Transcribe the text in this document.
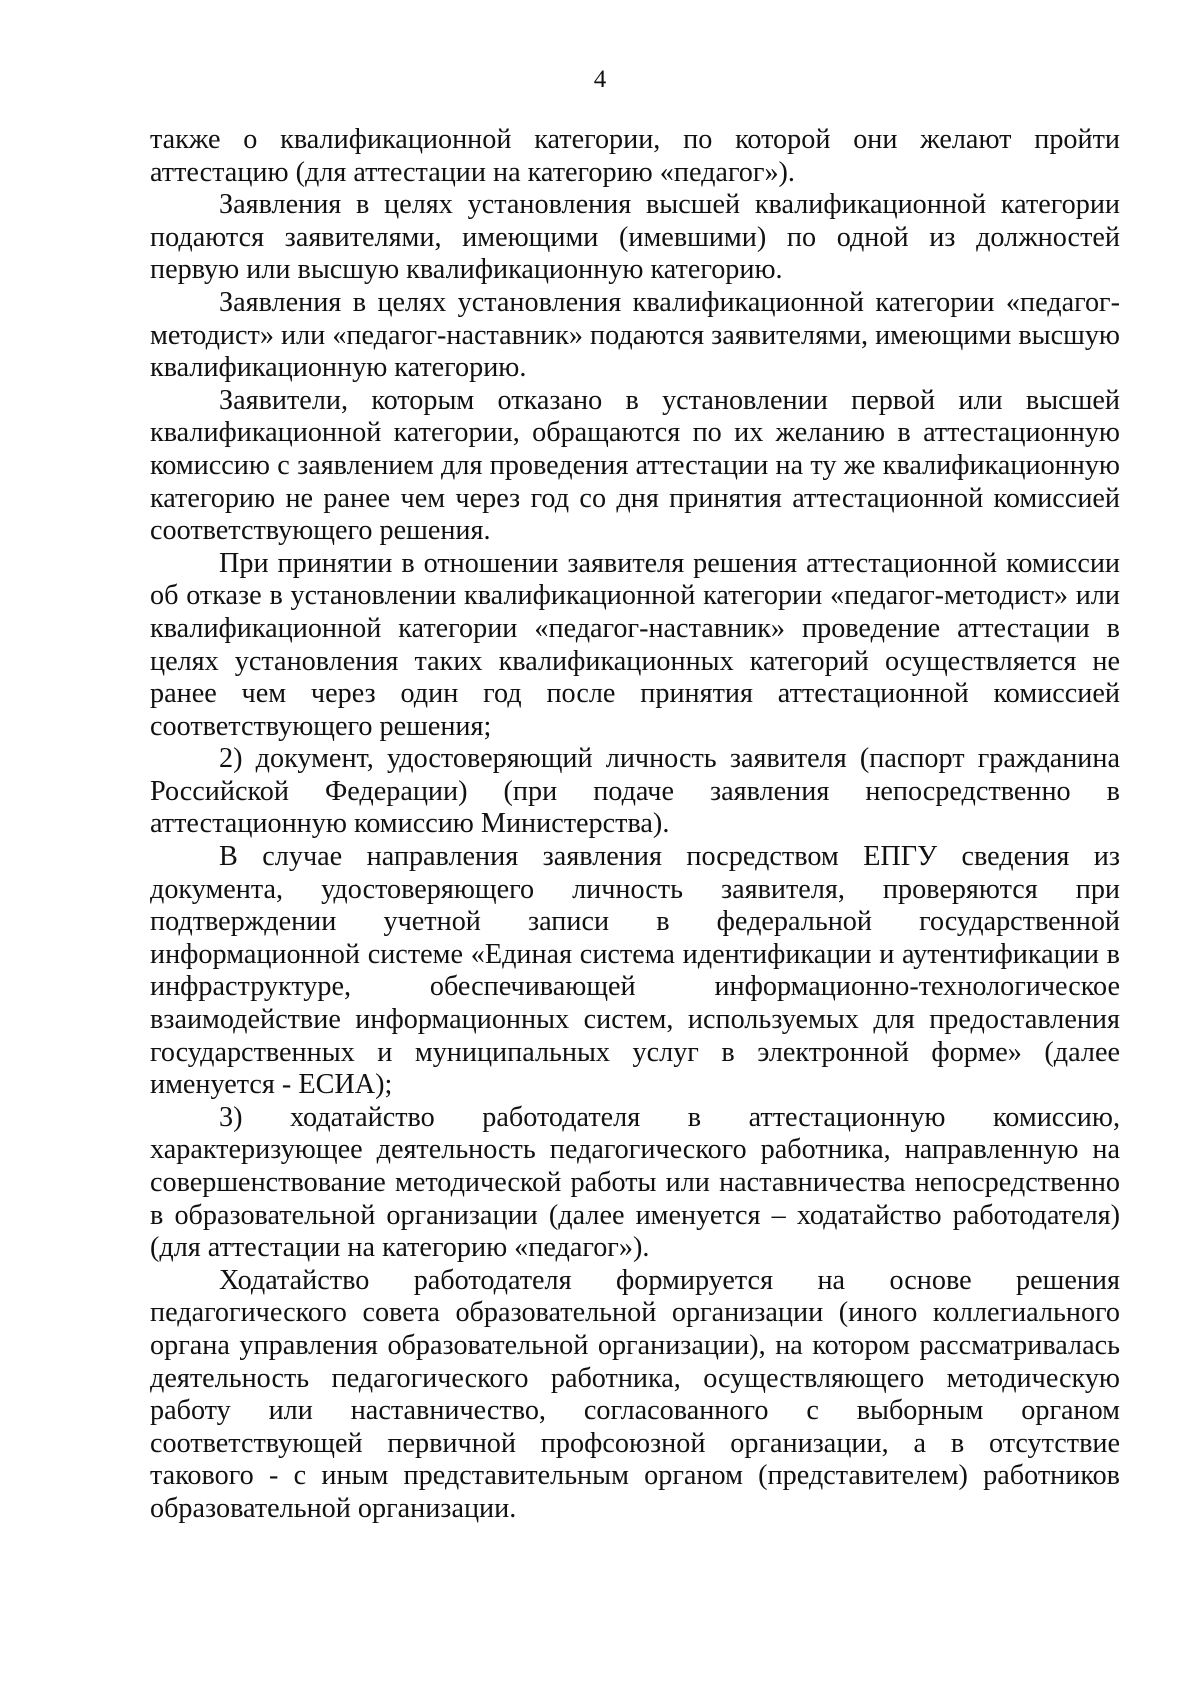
4

также о квалификационной категории, по которой они желают пройти аттестацию (для аттестации на категорию «педагог»).

Заявления в целях установления высшей квалификационной категории подаются заявителями, имеющими (имевшими) по одной из должностей первую или высшую квалификационную категорию.

Заявления в целях установления квалификационной категории «педагог-методист» или «педагог-наставник» подаются заявителями, имеющими высшую квалификационную категорию.

Заявители, которым отказано в установлении первой или высшей квалификационной категории, обращаются по их желанию в аттестационную комиссию с заявлением для проведения аттестации на ту же квалификационную категорию не ранее чем через год со дня принятия аттестационной комиссией соответствующего решения.

При принятии в отношении заявителя решения аттестационной комиссии об отказе в установлении квалификационной категории «педагог-методист» или квалификационной категории «педагог-наставник» проведение аттестации в целях установления таких квалификационных категорий осуществляется не ранее чем через один год после принятия аттестационной комиссией соответствующего решения;

2) документ, удостоверяющий личность заявителя (паспорт гражданина Российской Федерации) (при подаче заявления непосредственно в аттестационную комиссию Министерства).

В случае направления заявления посредством ЕПГУ сведения из документа, удостоверяющего личность заявителя, проверяются при подтверждении учетной записи в федеральной государственной информационной системе «Единая система идентификации и аутентификации в инфраструктуре, обеспечивающей информационно-технологическое взаимодействие информационных систем, используемых для предоставления государственных и муниципальных услуг в электронной форме» (далее именуется - ЕСИА);

3) ходатайство работодателя в аттестационную комиссию, характеризующее деятельность педагогического работника, направленную на совершенствование методической работы или наставничества непосредственно в образовательной организации (далее именуется – ходатайство работодателя) (для аттестации на категорию «педагог»).

Ходатайство работодателя формируется на основе решения педагогического совета образовательной организации (иного коллегиального органа управления образовательной организации), на котором рассматривалась деятельность педагогического работника, осуществляющего методическую работу или наставничество, согласованного с выборным органом соответствующей первичной профсоюзной организации, а в отсутствие такового - с иным представительным органом (представителем) работников образовательной организации.
